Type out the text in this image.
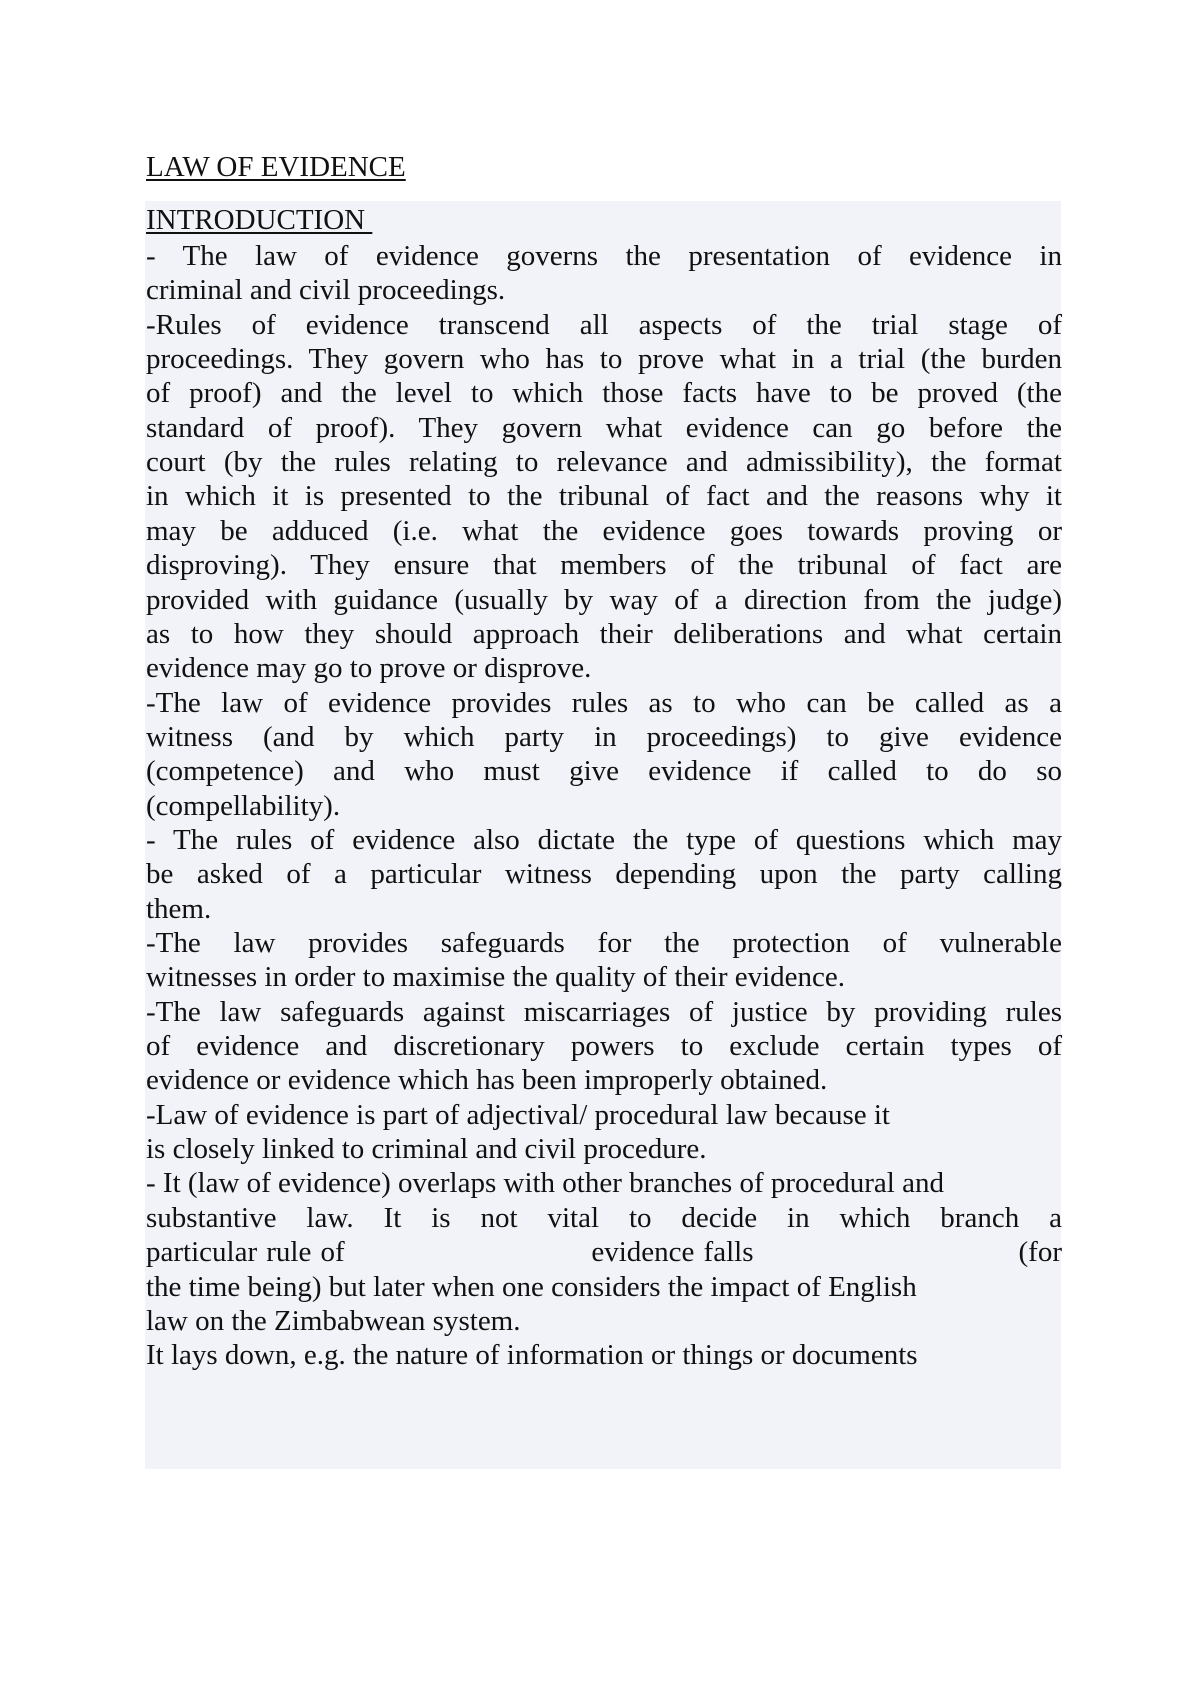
LAW OF EVIDENCE
INTRODUCTION
- The law of evidence governs the presentation of evidence in
criminal and civil proceedings.
-Rules of evidence transcend all aspects of the trial stage of
proceedings. They govern who has to prove what in a trial (the burden
of proof) and the level to which those facts have to be proved (the
standard of proof). They govern what evidence can go before the
court (by the rules relating to relevance and admissibility), the format
in which it is presented to the tribunal of fact and the reasons why it
may be adduced (i.e. what the evidence goes towards proving or
disproving). They ensure that members of the tribunal of fact are
provided with guidance (usually by way of a direction from the judge)
as to how they should approach their deliberations and what certain
evidence may go to prove or disprove.
-The law of evidence provides rules as to who can be called as a
witness (and by which party in proceedings) to give evidence
(competence) and who must give evidence if called to do so
(compellability).
- The rules of evidence also dictate the type of questions which may
be asked of a particular witness depending upon the party calling
them.
-The law provides safeguards for the protection of vulnerable
witnesses in order to maximise the quality of their evidence.
-The law safeguards against miscarriages of justice by providing rules
of evidence and discretionary powers to exclude certain types of
evidence or evidence which has been improperly obtained.
-Law of evidence is part of adjectival/ procedural law because it
is closely linked to criminal and civil procedure.
- It (law of evidence) overlaps with other branches of procedural and
substantive law. It is not vital to decide in which branch a
particular rule of                           evidence falls                             (for
the time being) but later when one considers the impact of English
law on the Zimbabwean system.
It lays down, e.g. the nature of information or things or documents
